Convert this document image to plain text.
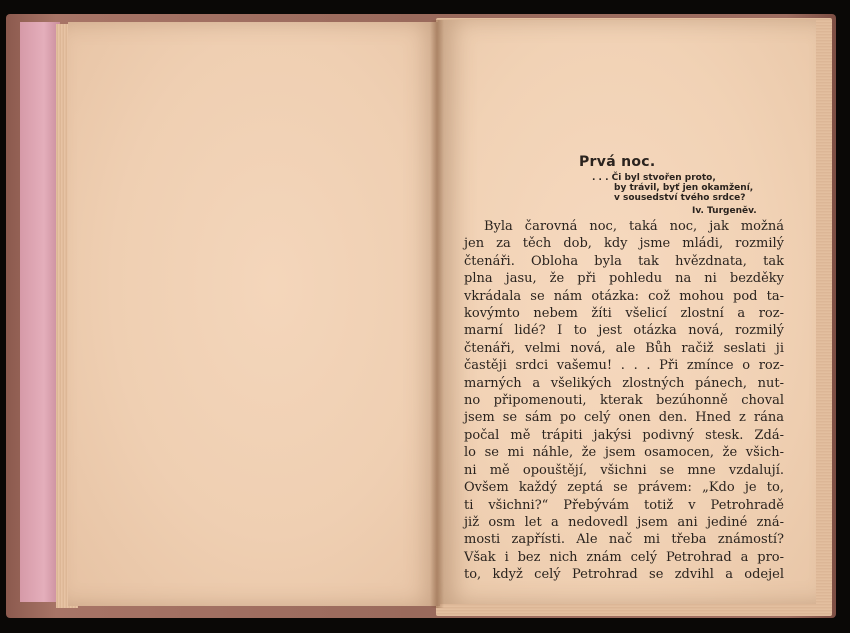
Prvá noc.
. . . Či byl stvořen proto,
by trávil, byť jen okamžení,
v sousedství tvého srdce?
Iv. Turgeněv.
Byla čarovná noc, taká noc, jak možná
jen za těch dob, kdy jsme mládi, rozmilý
čtenáři. Obloha byla tak hvězdnata, tak
plna jasu, že při pohledu na ni bezděky
vkrádala se nám otázka: což mohou pod ta-
kovýmto nebem žíti všelicí zlostní a roz-
marní lidé? I to jest otázka nová, rozmilý
čtenáři, velmi nová, ale Bůh račiž seslati ji
častěji srdci vašemu! . . . Při zmínce o roz-
marných a všelikých zlostných pánech, nut-
no připomenouti, kterak bezúhonně choval
jsem se sám po celý onen den. Hned z rána
počal mě trápiti jakýsi podivný stesk. Zdá-
lo se mi náhle, že jsem osamocen, že všich-
ni mě opouštějí, všichni se mne vzdalují.
Ovšem každý zeptá se právem: „Kdo je to,
ti všichni?“ Přebývám totiž v Petrohradě
již osm let a nedovedl jsem ani jediné zná-
mosti zapřísti. Ale nač mi třeba známostí?
Však i bez nich znám celý Petrohrad a pro-
to, když celý Petrohrad se zdvihl a odejel
